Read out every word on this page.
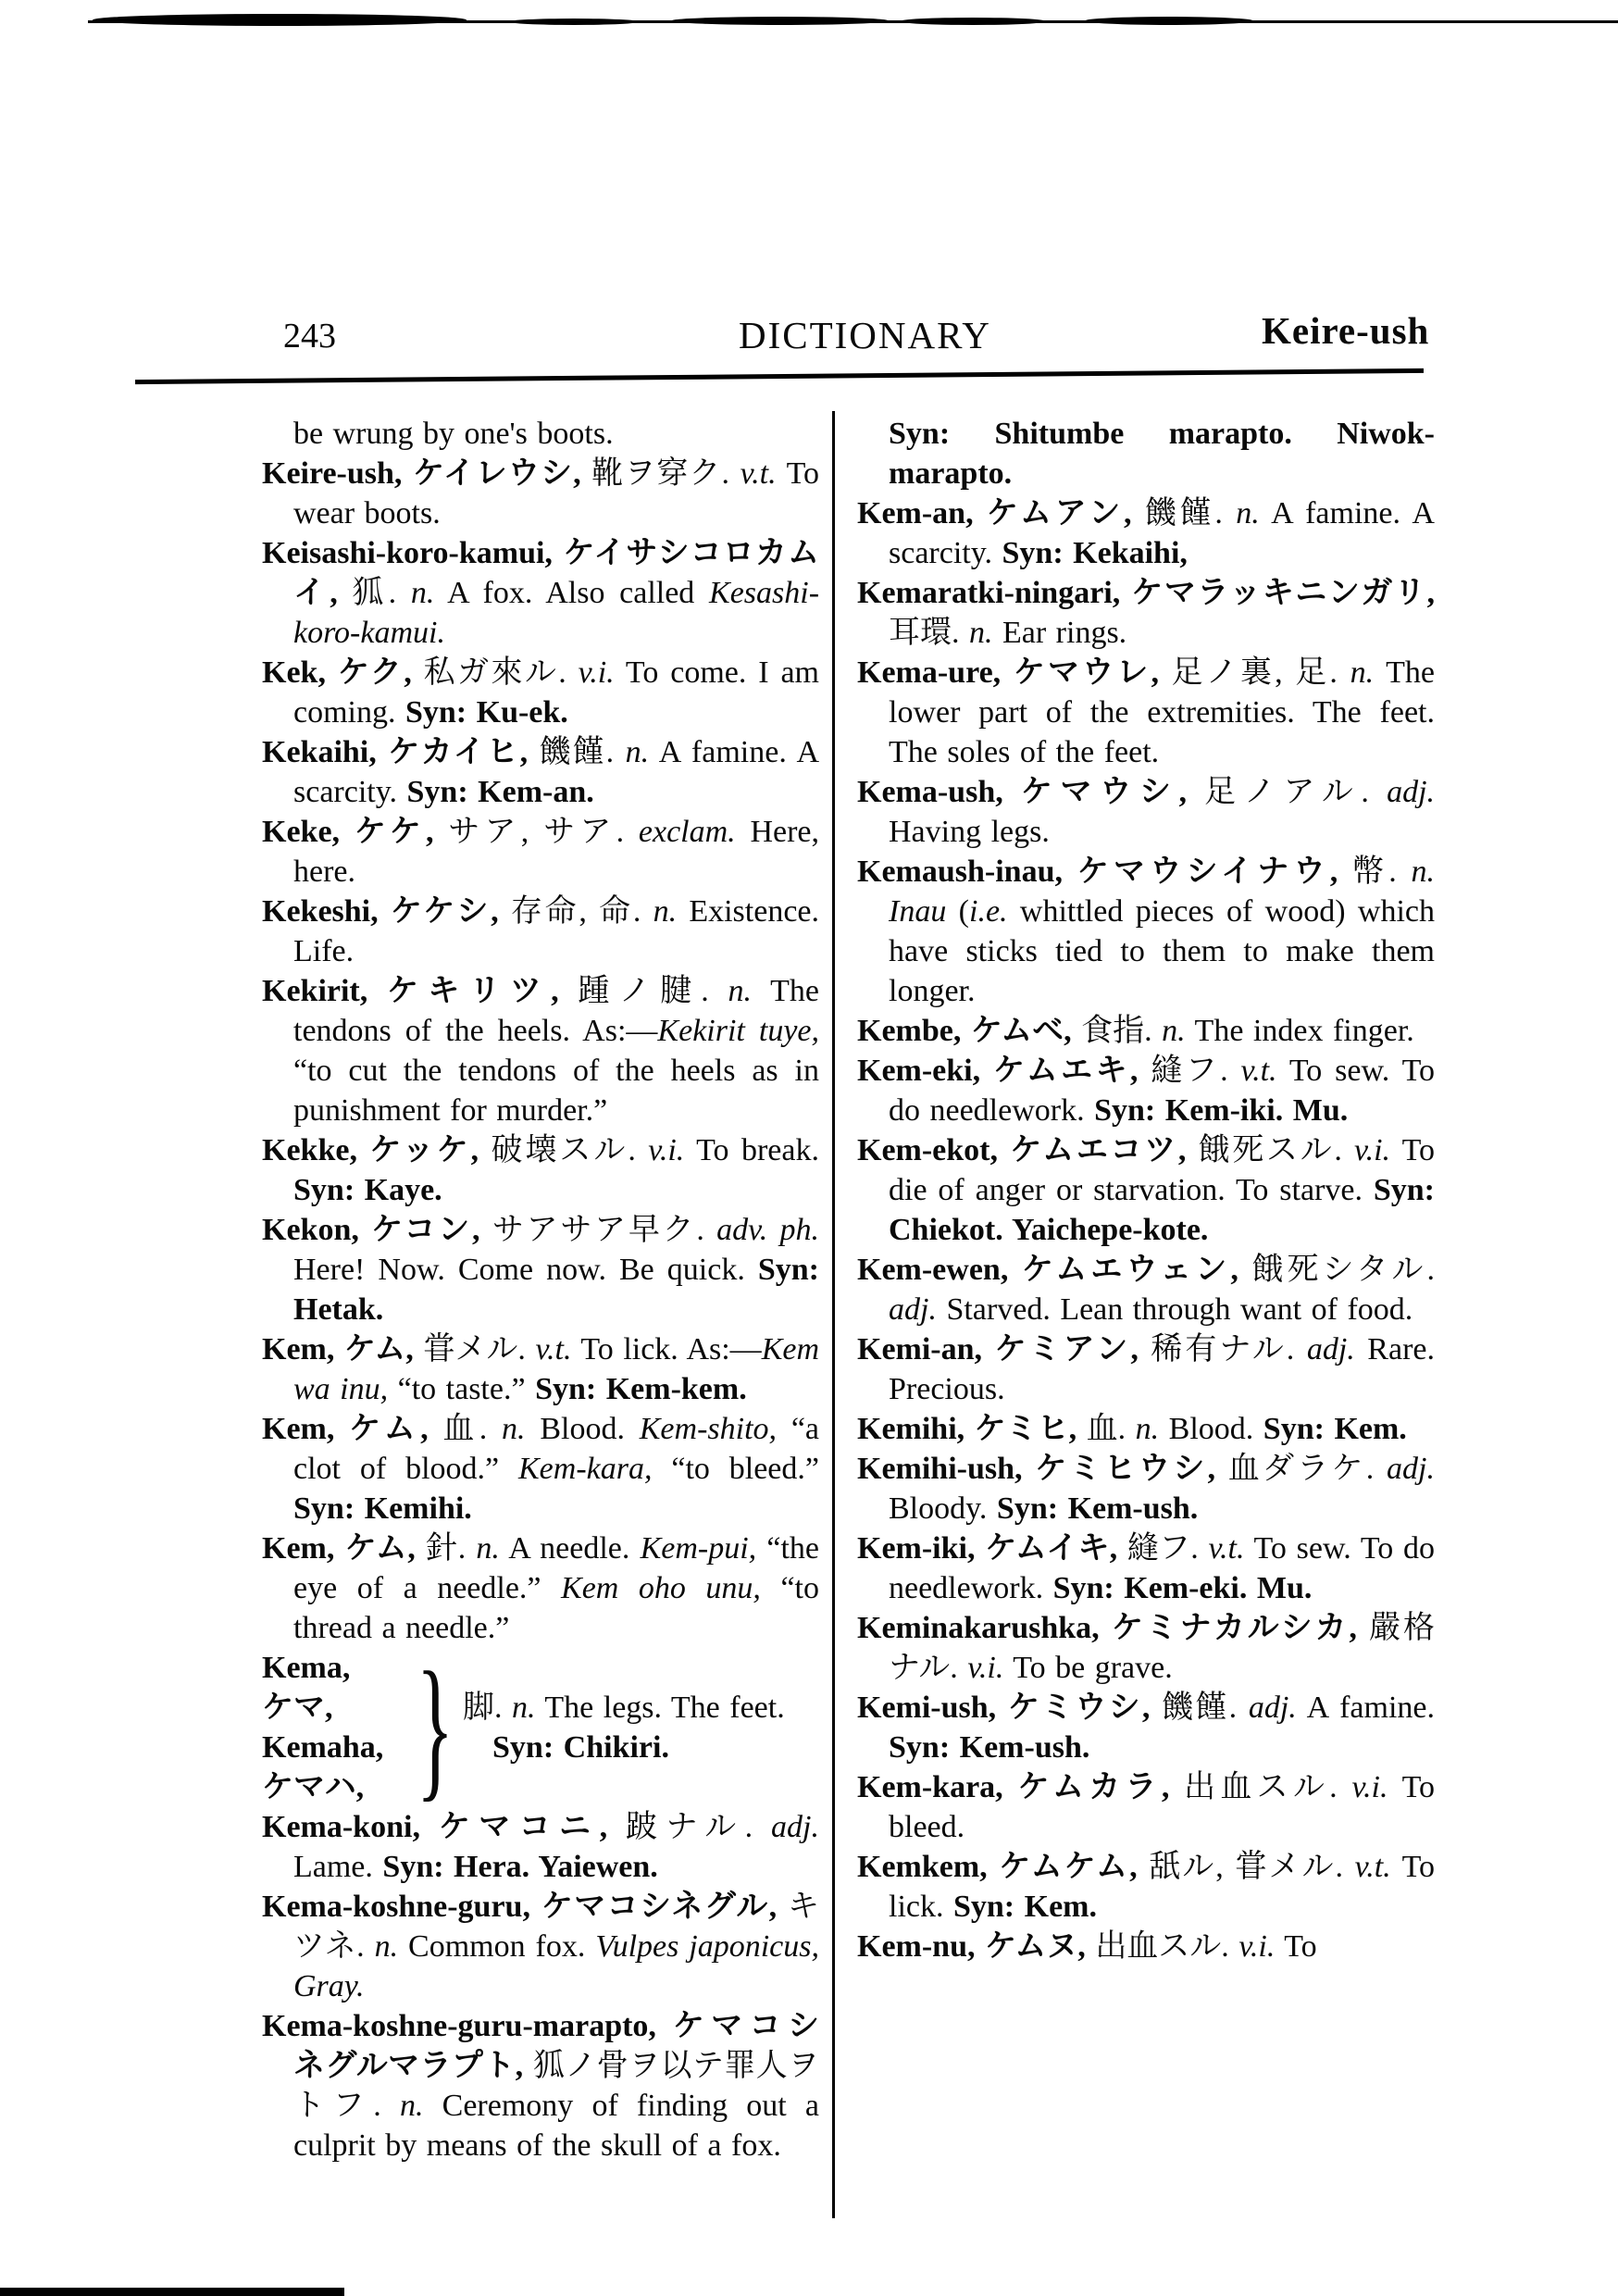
243	DICTIONARY	Keire-ush

be wrung by one's boots.

Keire-ush, ケイレウシ, 靴ヲ穿ク. v.t. To wear boots.

Keisashi-koro-kamui, ケイサシコロカムイ, 狐. n. A fox. Also called Kesashi-koro-kamui.

Kek, ケク, 私ガ來ル. v.i. To come. I am coming. Syn: Ku-ek.

Kekaihi, ケカイヒ, 饑饉. n. A famine. A scarcity. Syn: Kem-an.

Keke, ケケ, サア, サア. exclam. Here, here.

Kekeshi, ケケシ, 存命, 命. n. Existence. Life.

Kekirit, ケキリツ, 踵ノ腱. n. The tendons of the heels. As:—Kekirit tuye, “to cut the tendons of the heels as in punishment for murder.”

Kekke, ケッケ, 破壊スル. v.i. To break. Syn: Kaye.

Kekon, ケコン, サアサア早ク. adv. ph. Here! Now. Come now. Be quick. Syn: Hetak.

Kem, ケム, 甞メル. v.t. To lick. As:—Kem wa inu, “to taste.” Syn: Kem-kem.

Kem, ケム, 血. n. Blood. Kem-shito, “a clot of blood.” Kem-kara, “to bleed.” Syn: Kemihi.

Kem, ケム, 針. n. A needle. Kem-pui, “the eye of a needle.” Kem oho unu, “to thread a needle.”

Kema,
ケマ,
Kemaha,
ケマハ, } 脚. n. The legs. The feet.
Syn: Chikiri.

Kema-koni, ケマコニ, 跛ナル. adj. Lame. Syn: Hera. Yaiewen.

Kema-koshne-guru, ケマコシネグル, キツネ. n. Common fox. Vulpes japonicus, Gray.

Kema-koshne-guru-marapto, ケマコシネグルマラプト, 狐ノ骨ヲ以テ罪人ヲトフ. n. Ceremony of finding out a culprit by means of the skull of a fox.

Syn: Shitumbe marapto. Niwok-marapto.

Kem-an, ケムアン, 饑饉. n. A famine. A scarcity. Syn: Kekaihi,

Kemaratki-ningari, ケマラッキニンガリ, 耳環. n. Ear rings.

Kema-ure, ケマウレ, 足ノ裏, 足. n. The lower part of the extremities. The feet. The soles of the feet.

Kema-ush, ケマウシ, 足ノアル. adj. Having legs.

Kemaush-inau, ケマウシイナウ, 幣. n. Inau (i.e. whittled pieces of wood) which have sticks tied to them to make them longer.

Kembe, ケムベ, 食指. n. The index finger.

Kem-eki, ケムエキ, 縫フ. v.t. To sew. To do needlework. Syn: Kem-iki. Mu.

Kem-ekot, ケムエコツ, 餓死スル. v.i. To die of anger or starvation. To starve. Syn: Chiekot. Yaichepe-kote.

Kem-ewen, ケムエウェン, 餓死シタル. adj. Starved. Lean through want of food.

Kemi-an, ケミアン, 稀有ナル. adj. Rare. Precious.

Kemihi, ケミヒ, 血. n. Blood. Syn: Kem.

Kemihi-ush, ケミヒウシ, 血ダラケ. adj. Bloody. Syn: Kem-ush.

Kem-iki, ケムイキ, 縫フ. v.t. To sew. To do needlework. Syn: Kem-eki. Mu.

Keminakarushka, ケミナカルシカ, 嚴格ナル. v.i. To be grave.

Kemi-ush, ケミウシ, 饑饉. adj. A famine. Syn: Kem-ush.

Kem-kara, ケムカラ, 出血スル. v.i. To bleed.

Kemkem, ケムケム, 舐ル, 甞メル. v.t. To lick. Syn: Kem.

Kem-nu, ケムヌ, 出血スル. v.i. To
